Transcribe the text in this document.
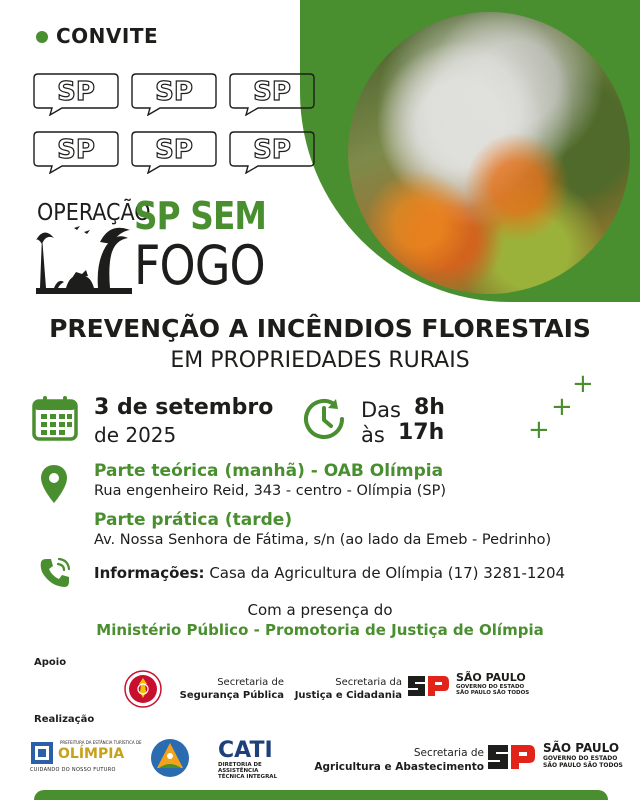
CONVITE
SP SP SP
SP SP SP
OPERAÇÃO
SP SEM
FOGO
PREVENÇÃO A INCÊNDIOS FLORESTAIS
EM PROPRIEDADES RURAIS
3 de setembro
de 2025
Das 8h
às 17h
+
+
+
Parte teórica (manhã) - OAB Olímpia
Rua engenheiro Reid, 343 - centro - Olímpia (SP)
Parte prática (tarde)
Av. Nossa Senhora de Fátima, s/n (ao lado da Emeb - Pedrinho)
Informações: Casa da Agricultura de Olímpia (17) 3281-1204
Com a presença do
Ministério Público - Promotoria de Justiça de Olímpia
Apoio
Secretaria de
Segurança Pública
Secretaria da
Justiça e Cidadania
SÃO PAULO
GOVERNO DO ESTADO
SÃO PAULO SÃO TODOS
Realização
PREFEITURA DA ESTÂNCIA TURÍSTICA DE
OLÍMPIA
CUIDANDO DO NOSSO FUTURO
CATI
DIRETORIA DE ASSISTÊNCIA
TÉCNICA INTEGRAL
Secretaria de
Agricultura e Abastecimento
SÃO PAULO
GOVERNO DO ESTADO
SÃO PAULO SÃO TODOS
